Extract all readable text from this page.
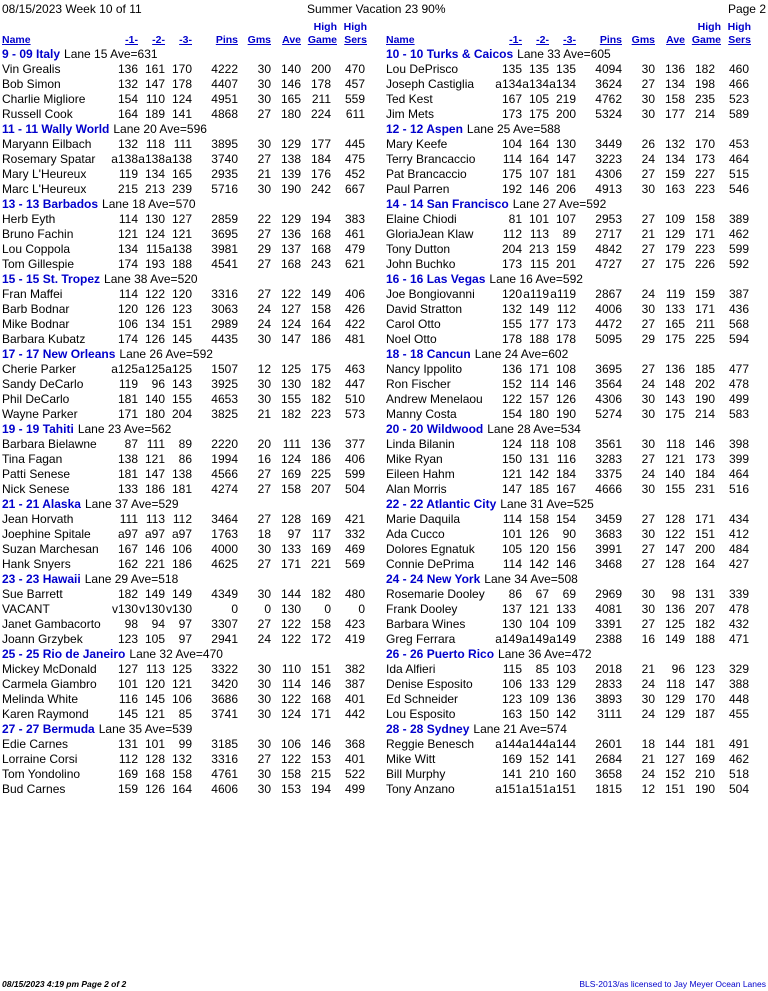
08/15/2023 Week 10 of 11	Summer Vacation 23 90%	Page 2
Name	-1- -2- -3- Pins Gms Ave
High
Game
High
Sers
9 - 09 Italy Lane 15 Ave=631
Vin Grealis	136 161 170 4222 30 140 200 470
Bob Simon	132 147 178 4407 30 146 178 457
Charlie Migliore	154 110 124 4951 30 165 211 559
Russell Cook	164 189 141 4868 27 180 224 611
11 - 11 Wally World Lane 20 Ave=596
Maryann Eilbach 132 118 111 3895 30 129 177 445
Rosemary Spatar a138 a138 a138 3740 27 138 184 475
Mary L'Heureux	119 134 165 2935 21 139 176 452
Marc L'Heureux	215 213 239 5716 30 190 242 667
13 - 13 Barbados Lane 18 Ave=570
Herb Eyth	114 130 127 2859 22 129 194 383
Bruno Fachin	121 124 121 3695 27 136 168 461
Lou Coppola	134 115 a138 3981 29 137 168 479
Tom Gillespie	174 193 188 4541 27 168 243 621
15 - 15 St. Tropez Lane 38 Ave=520
Fran Maffei	114 122 120 3316 27 122 149 406
Barb Bodnar	120 126 123 3063 24 127 158 426
Mike Bodnar	106 134 151 2989 24 124 164 422
Barbara Kubatz	174 126 145 4435 30 147 186 481
17 - 17 New Orleans Lane 26 Ave=592
Cherie Parker	a125 a125 a125 1507 12 125 175 463
Sandy DeCarlo	119 96 143 3925 30 130 182 447
Phil DeCarlo	181 140 155 4653 30 155 182 510
Wayne Parker	171 180 204 3825 21 182 223 573
19 - 19 Tahiti Lane 23 Ave=562
Barbara Bielawne 87 111 89 2220 20 111 136 377
Tina Fagan	138 121 86 1994 16 124 186 406
Patti Senese	181 147 138 4566 27 169 225 599
Nick Senese	133 186 181 4274 27 158 207 504
21 - 21 Alaska Lane 37 Ave=529
Jean Horvath	111 113 112 3464 27 128 169 421
Joephine Spitale a97 a97 a97 1763 18 97 117 332
Suzan Marchesan 167 146 106 4000 30 133 169 469
Hank Snyers	162 221 186 4625 27 171 221 569
23 - 23 Hawaii Lane 29 Ave=518
Sue Barrett	182 149 149 4349 30 144 182 480
VACANT	v130 v130 v130	0 0 130 0 0
Janet Gambacorto 98 94 97 3307 27 122 158 423
Joann Grzybek	123 105 97 2941 24 122 172 419
25 - 25 Rio de Janeiro Lane 32 Ave=470
Mickey McDonald 127 113 125 3322 30 110 151 382
Carmela Giambro 101 120 121 3420 30 114 146 387
Melinda White	116 145 106 3686 30 122 168 401
Karen Raymond 145 121 85 3741 30 124 171 442
27 - 27 Bermuda Lane 35 Ave=539
Edie Carnes	131 101 99 3185 30 106 146 368
Lorraine Corsi	112 128 132 3316 27 122 153 401
Tom Yondolino	169 168 158 4761 30 158 215 522
Bud Carnes	159 126 164 4606 30 153 194 499
Name	-1- -2- -3- Pins Gms Ave
High
Game
High
Sers
10 - 10 Turks & Caicos Lane 33 Ave=605
Lou DePrisco	135 135 135 4094 30 136 182 460
Joseph Castiglia a134 a134 a134 3624 27 134 198 466
Ted Kest	167 105 219 4762 30 158 235 523
Jim Mets	173 175 200 5324 30 177 214 589
12 - 12 Aspen Lane 25 Ave=588
Mary Keefe	104 164 130 3449 26 132 170 453
Terry Brancaccio 114 164 147 3223 24 134 173 464
Pat Brancaccio	175 107 181 4306 27 159 227 515
Paul Parren	192 146 206 4913 30 163 223 546
14 - 14 San Francisco Lane 27 Ave=592
Elaine Chiodi	81 101 107 2953 27 109 158 389
GloriaJean Klaw 112 113 89 2717 21 129 171 462
Tony Dutton	204 213 159 4842 27 179 223 599
John Buchko	173 115 201 4727 27 175 226 592
16 - 16 Las Vegas Lane 16 Ave=592
Joe Bongiovanni 120 a119 a119 2867 24 119 159 387
David Stratton	132 149 112 4006 30 133 171 436
Carol Otto	155 177 173 4472 27 165 211 568
Noel Otto	178 188 178 5095 29 175 225 594
18 - 18 Cancun Lane 24 Ave=602
Nancy Ippolito	136 171 108 3695 27 136 185 477
Ron Fischer	152 114 146 3564 24 148 202 478
Andrew Menelaou 122 157 126 4306 30 143 190 499
Manny Costa	154 180 190 5274 30 175 214 583
20 - 20 Wildwood Lane 28 Ave=534
Linda Bilanin	124 118 108 3561 30 118 146 398
Mike Ryan	150 131 116 3283 27 121 173 399
Eileen Hahm	121 142 184 3375 24 140 184 464
Alan Morris	147 185 167 4666 30 155 231 516
22 - 22 Atlantic City Lane 31 Ave=525
Marie Daquila	114 158 154 3459 27 128 171 434
Ada Cucco	101 126 90 3683 30 122 151 412
Dolores Egnatuk 105 120 156 3991 27 147 200 484
Connie DePrima 114 142 146 3468 27 128 164 427
24 - 24 New York Lane 34 Ave=508
Rosemarie Dooley 86 67 69 2969 30 98 131 339
Frank Dooley	137 121 133 4081 30 136 207 478
Barbara Wines	130 104 109 3391 27 125 182 432
Greg Ferrara	a149 a149 a149 2388 16 149 188 471
26 - 26 Puerto Rico Lane 36 Ave=472
Ida Alfieri	115 85 103 2018 21 96 123 329
Denise Esposito 106 133 129 2833 24 118 147 388
Ed Schneider	123 109 136 3893 30 129 170 448
Lou Esposito	163 150 142 3111 24 129 187 455
28 - 28 Sydney Lane 21 Ave=574
Reggie Benesch a144 a144 a144 2601 18 144 181 491
Mike Witt	169 152 141 2684 21 127 169 462
Bill Murphy	141 210 160 3658 24 152 210 518
Tony Anzano	a151 a151 a151 1815 12 151 190 504
08/15/2023 4:19 pm Page 2 of 2	BLS-2013/as licensed to Jay Meyer Ocean Lanes
